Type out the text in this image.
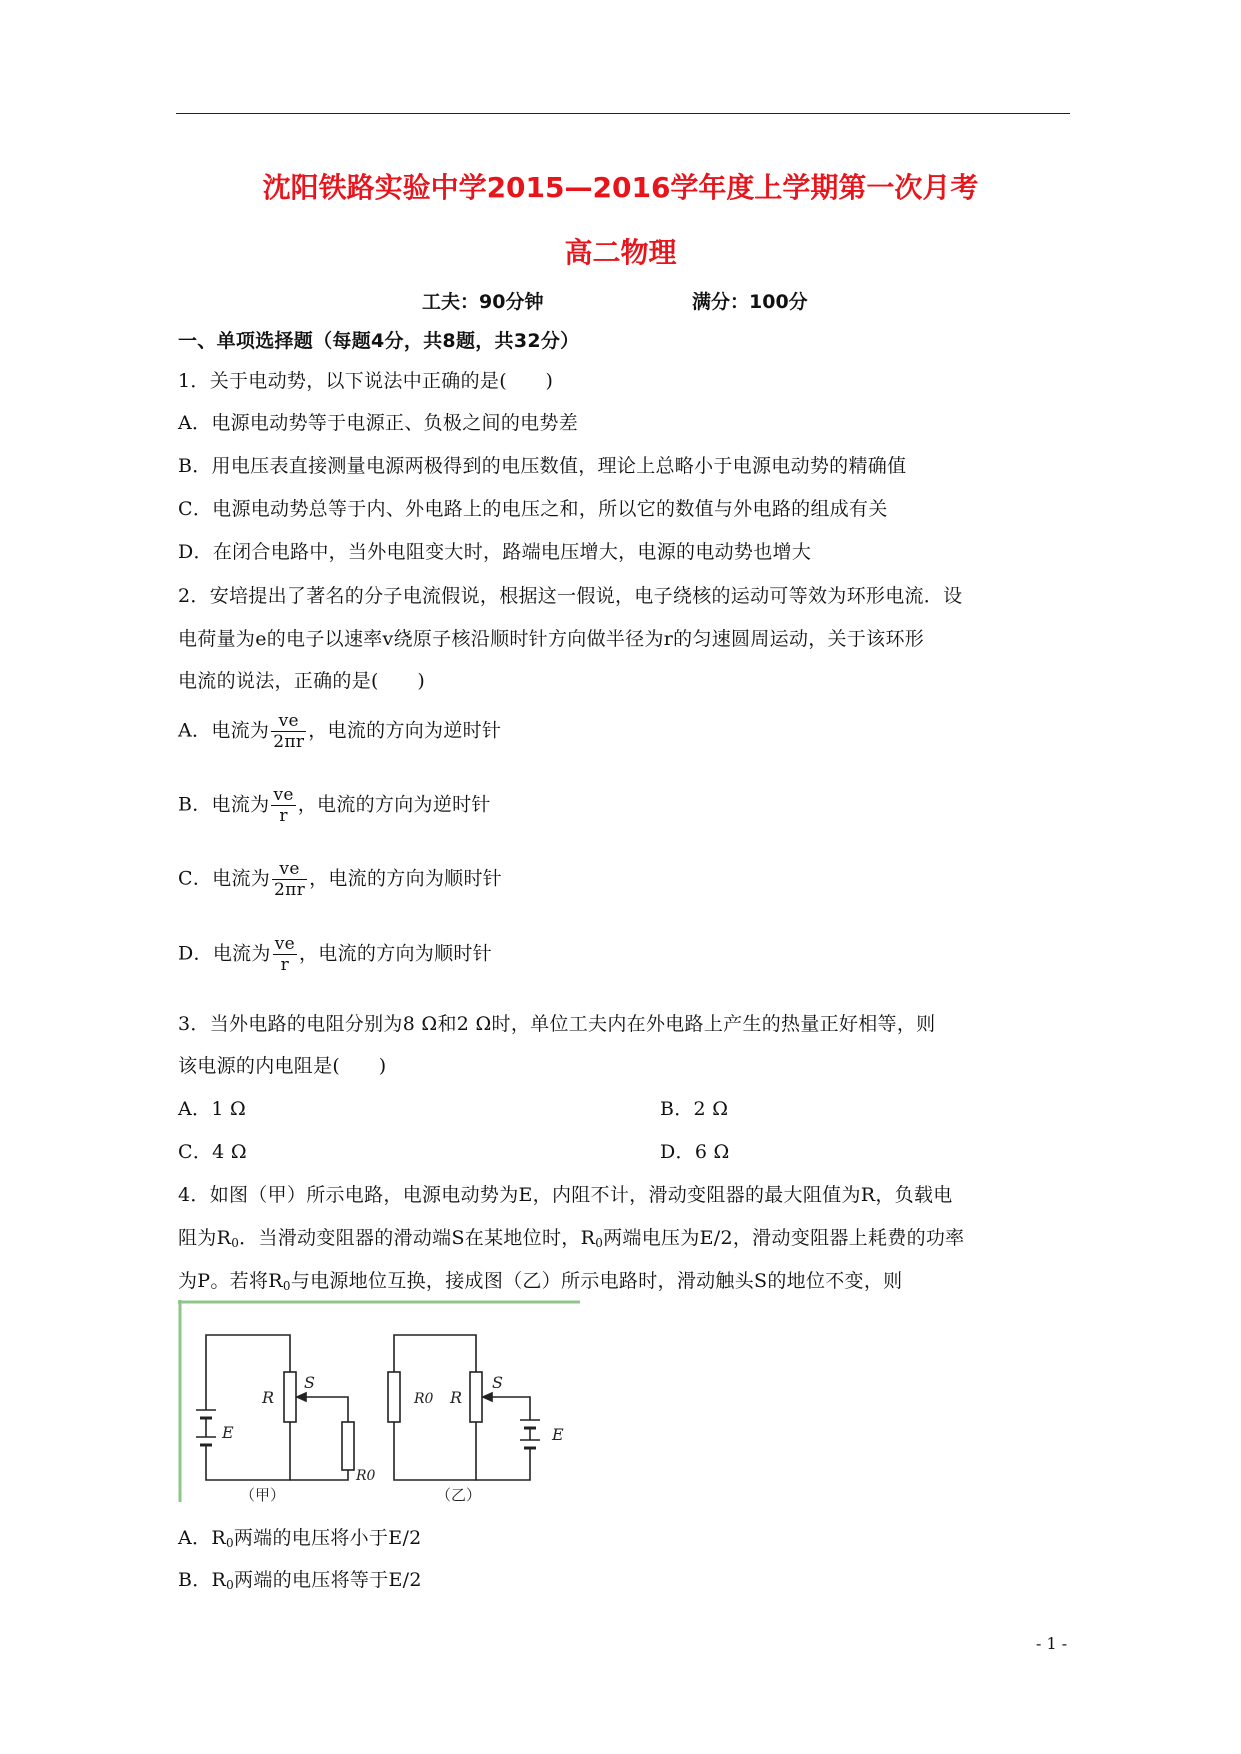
沈阳铁路实验中学2015—2016学年度上学期第一次月考
高二物理
工夫：90分钟	满分：100分
一、单项选择题（每题4分，共8题，共32分）
1．关于电动势，以下说法中正确的是(　　)
A．电源电动势等于电源正、负极之间的电势差
B．用电压表直接测量电源两极得到的电压数值，理论上总略小于电源电动势的精确值
C．电源电动势总等于内、外电路上的电压之和，所以它的数值与外电路的组成有关
D．在闭合电路中，当外电阻变大时，路端电压增大，电源的电动势也增大
2．安培提出了著名的分子电流假说，根据这一假说，电子绕核的运动可等效为环形电流．设
电荷量为e的电子以速率v绕原子核沿顺时针方向做半径为r的匀速圆周运动，关于该环形
电流的说法，正确的是(　　)
A．电流为 $\frac{ve}{2\pi r}$ ，电流的方向为逆时针
B．电流为 $\frac{ve}{r}$ ，电流的方向为逆时针
C．电流为 $\frac{ve}{2\pi r}$ ，电流的方向为顺时针
D．电流为 $\frac{ve}{r}$ ，电流的方向为顺时针
3．当外电路的电阻分别为8 Ω和2 Ω时，单位工夫内在外电路上产生的热量正好相等，则
该电源的内电阻是(　　)
A．1 Ω	B．2 Ω
C．4 Ω	D．6 Ω
4．如图（甲）所示电路，电源电动势为E，内阻不计，滑动变阻器的最大阻值为R，负载电
阻为$R_0$．当滑动变阻器的滑动端S在某地位时，$R_0$两端电压为E/2，滑动变阻器上耗费的功率
为P。若将$R_0$与电源地位互换，接成图（乙）所示电路时，滑动触头S的地位不变，则
E
R
S
R0
（甲）
R0 R
S
E
（乙）
A．$R_0$两端的电压将小于E/2
B．$R_0$两端的电压将等于E/2
- 1 -
